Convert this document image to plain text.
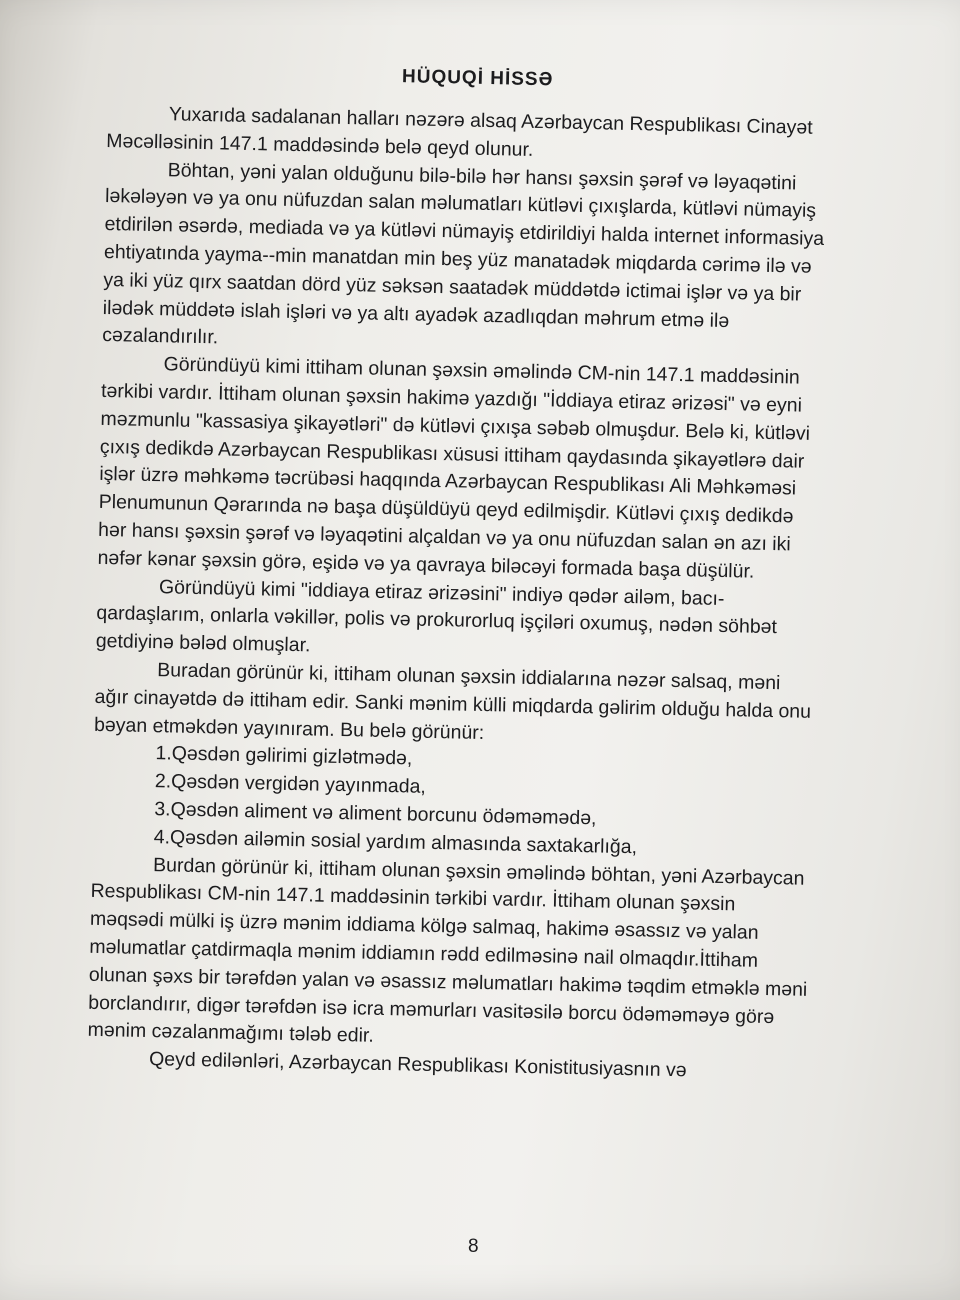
HÜQUQİ HİSSƏ

Yuxarıda sadalanan halları nəzərə alsaq Azərbaycan Respublikası Cinayət Məcəlləsinin 147.1 maddəsində belə qeyd olunur.

Böhtan, yəni yalan olduğunu bilə-bilə hər hansı şəxsin şərəf və ləyaqətini ləkələyən və ya onu nüfuzdan salan məlumatları kütləvi çıxışlarda, kütləvi nümayiş etdirilən əsərdə, mediada və ya kütləvi nümayiş etdirildiyi halda internet informasiya ehtiyatında yayma--min manatdan min beş yüz manatadək miqdarda cərimə ilə və ya iki yüz qırx saatdan dörd yüz səksən saatadək müddətdə ictimai işlər və ya bir ilədək müddətə islah işləri və ya altı ayadək azadlıqdan məhrum etmə ilə cəzalandırılır.

Göründüyü kimi ittiham olunan şəxsin əməlində CM-nin 147.1 maddəsinin tərkibi vardır. İttiham olunan şəxsin hakimə yazdığı "İddiaya etiraz ərizəsi" və eyni məzmunlu "kassasiya şikayətləri" də kütləvi çıxışa səbəb olmuşdur. Belə ki, kütləvi çıxış dedikdə Azərbaycan Respublikası xüsusi ittiham qaydasında şikayətlərə dair işlər üzrə məhkəmə təcrübəsi haqqında Azərbaycan Respublikası Ali Məhkəməsi Plenumunun Qərarında nə başa düşüldüyü qeyd edilmişdir. Kütləvi çıxış dedikdə hər hansı şəxsin şərəf və ləyaqətini alçaldan və ya onu nüfuzdan salan ən azı iki nəfər kənar şəxsin görə, eşidə və ya qavraya biləcəyi formada başa düşülür.

Göründüyü kimi "iddiaya etiraz ərizəsini" indiyə qədər ailəm, bacı-qardaşlarım, onlarla vəkillər, polis və prokurorluq işçiləri oxumuş, nədən söhbət getdiyinə bələd olmuşlar.

Buradan görünür ki, ittiham olunan şəxsin iddialarına nəzər salsaq, məni ağır cinayətdə də ittiham edir. Sanki mənim külli miqdarda gəlirim olduğu halda onu bəyan etməkdən yayınıram. Bu belə görünür:

1.Qəsdən gəlirimi gizlətmədə,

2.Qəsdən vergidən yayınmada,

3.Qəsdən aliment və aliment borcunu ödəməmədə,

4.Qəsdən ailəmin sosial yardım almasında saxtakarlığa,

Burdan görünür ki, ittiham olunan şəxsin əməlində böhtan, yəni Azərbaycan Respublikası CM-nin 147.1 maddəsinin tərkibi vardır. İttiham olunan şəxsin məqsədi mülki iş üzrə mənim iddiama kölgə salmaq, hakimə əsassız və yalan məlumatlar çatdirmaqla mənim iddiamın rədd edilməsinə nail olmaqdır.İttiham olunan şəxs bir tərəfdən yalan və əsassız məlumatları hakimə təqdim etməklə məni borclandırır, digər tərəfdən isə icra məmurları vasitəsilə borcu ödəməməyə görə mənim cəzalanmağımı tələb edir.

Qeyd edilənləri, Azərbaycan Respublikası Konistitusiyasnın və

8
